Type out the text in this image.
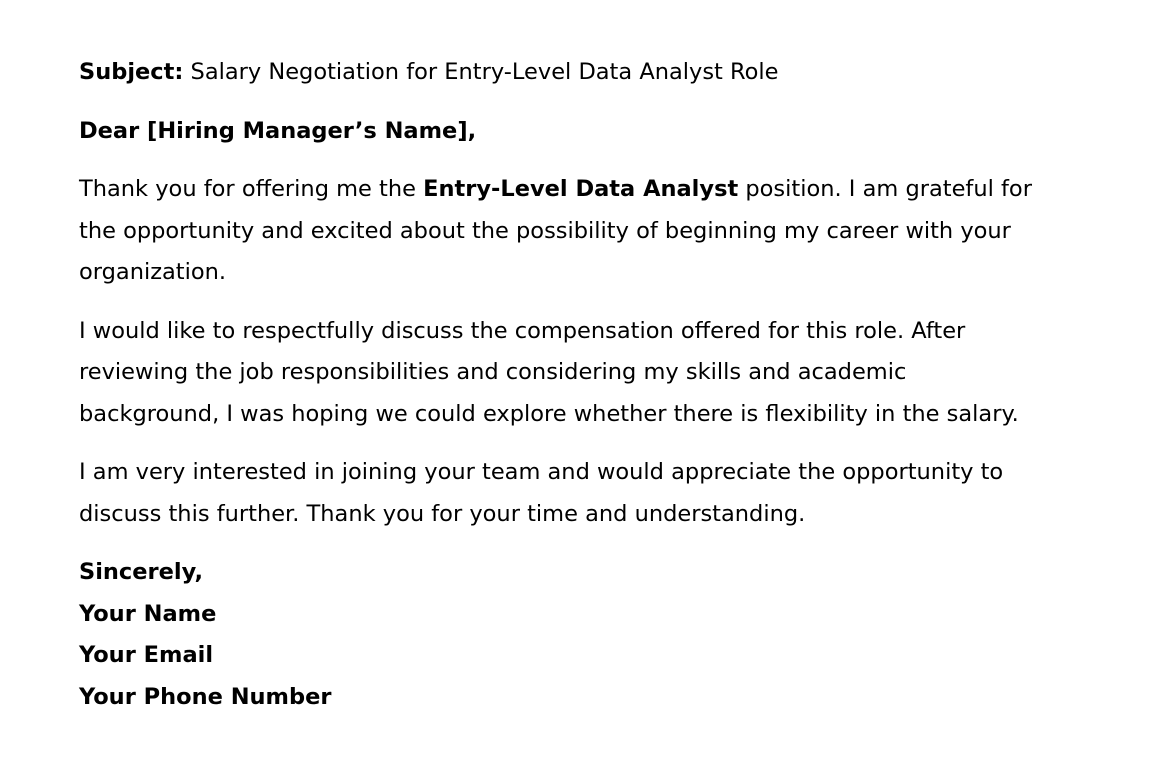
Subject: Salary Negotiation for Entry-Level Data Analyst Role
Dear [Hiring Manager’s Name],
Thank you for offering me the Entry-Level Data Analyst position. I am grateful for
the opportunity and excited about the possibility of beginning my career with your
organization.
I would like to respectfully discuss the compensation offered for this role. After
reviewing the job responsibilities and considering my skills and academic
background, I was hoping we could explore whether there is flexibility in the salary.
I am very interested in joining your team and would appreciate the opportunity to
discuss this further. Thank you for your time and understanding.
Sincerely,
Your Name
Your Email
Your Phone Number
